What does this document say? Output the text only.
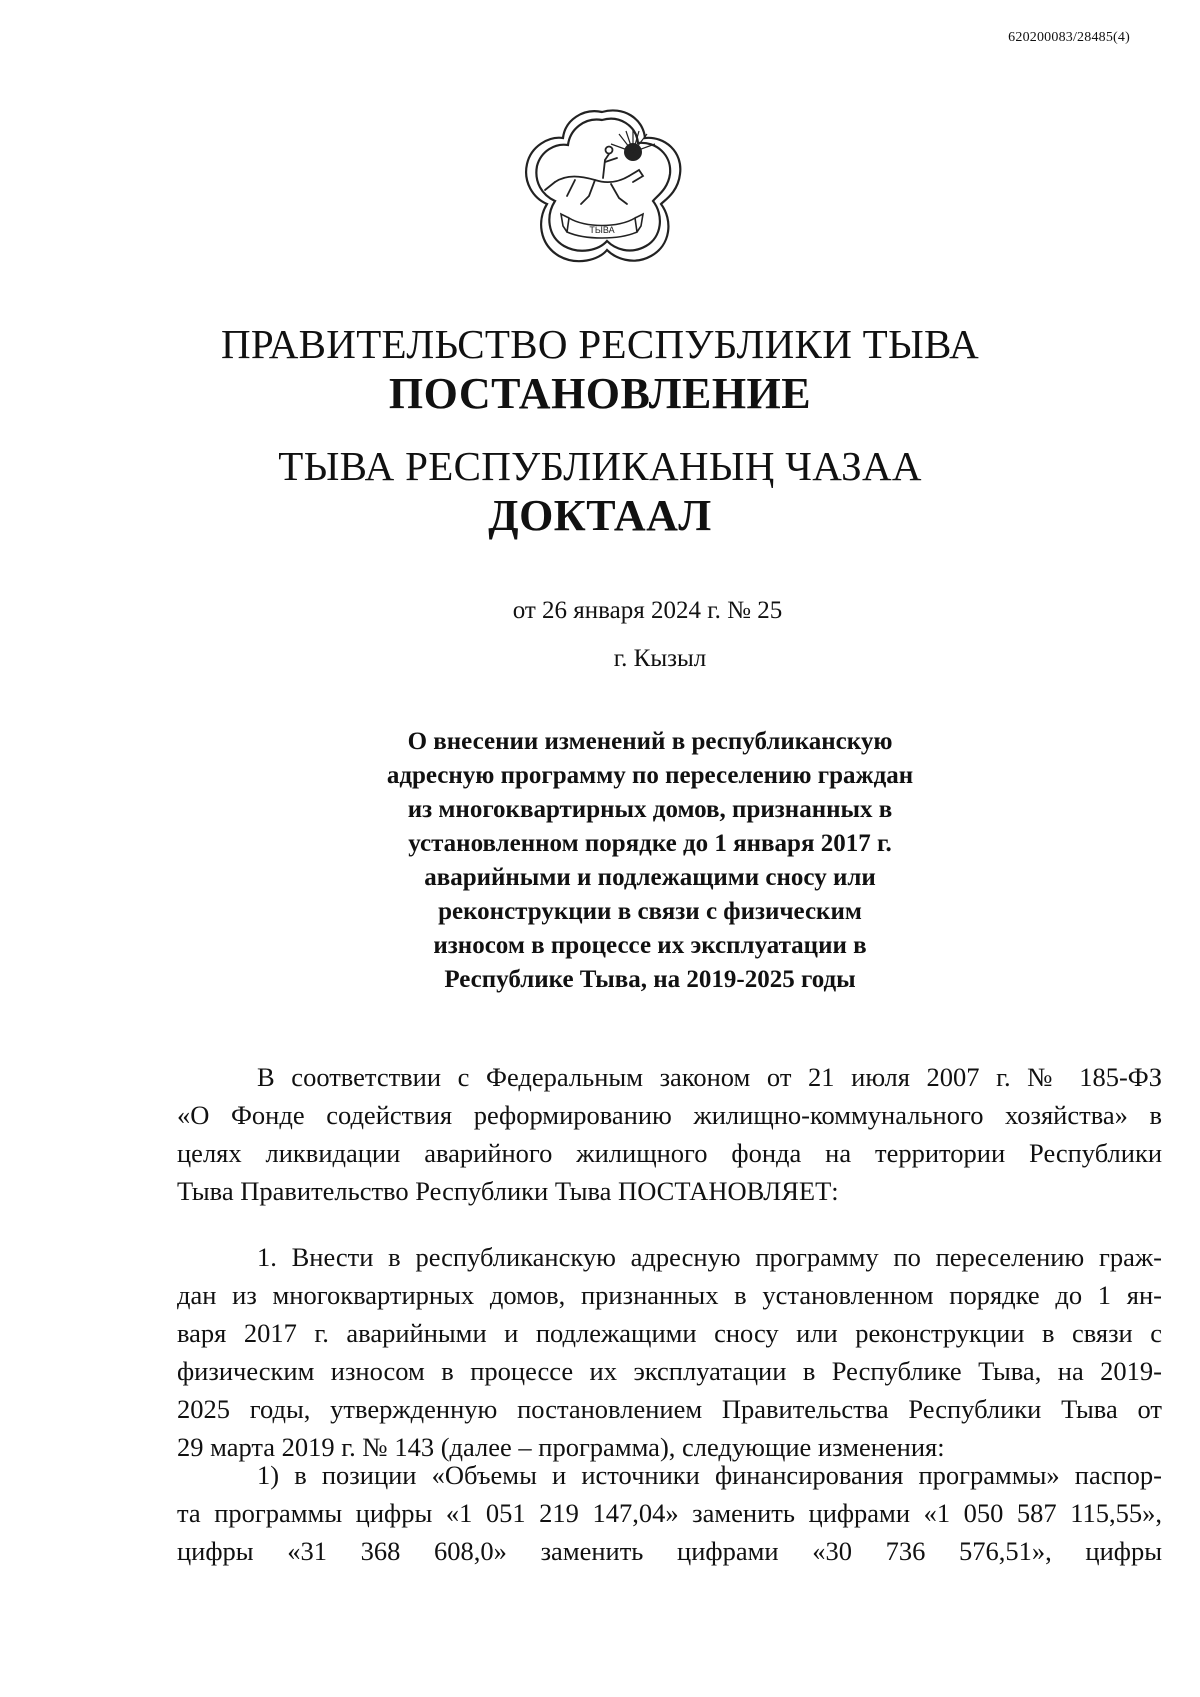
620200083/28485(4)
ТЫВА
ПРАВИТЕЛЬСТВО РЕСПУБЛИКИ ТЫВА
ПОСТАНОВЛЕНИЕ
ТЫВА РЕСПУБЛИКАНЫҢ ЧАЗАА
ДОКТААЛ
от 26 января 2024 г. № 25
г. Кызыл
О внесении изменений в республиканскую
адресную программу по переселению граждан
из многоквартирных домов, признанных в
установленном порядке до 1 января 2017 г.
аварийными и подлежащими сносу или
реконструкции в связи с физическим
износом в процессе их эксплуатации в
Республике Тыва, на 2019-2025 годы
В соответствии с Федеральным законом от 21 июля 2007 г. № 185-ФЗ
«О Фонде содействия реформированию жилищно-коммунального хозяйства» в
целях ликвидации аварийного жилищного фонда на территории Республики
Тыва Правительство Республики Тыва ПОСТАНОВЛЯЕТ:
1. Внести в республиканскую адресную программу по переселению граж-
дан из многоквартирных домов, признанных в установленном порядке до 1 ян-
варя 2017 г. аварийными и подлежащими сносу или реконструкции в связи с
физическим износом в процессе их эксплуатации в Республике Тыва, на 2019-
2025 годы, утвержденную постановлением Правительства Республики Тыва от
29 марта 2019 г. № 143 (далее – программа), следующие изменения:
1) в позиции «Объемы и источники финансирования программы» паспор-
та программы цифры «1 051 219 147,04» заменить цифрами «1 050 587 115,55»,
цифры «31 368 608,0» заменить цифрами «30 736 576,51», цифры
